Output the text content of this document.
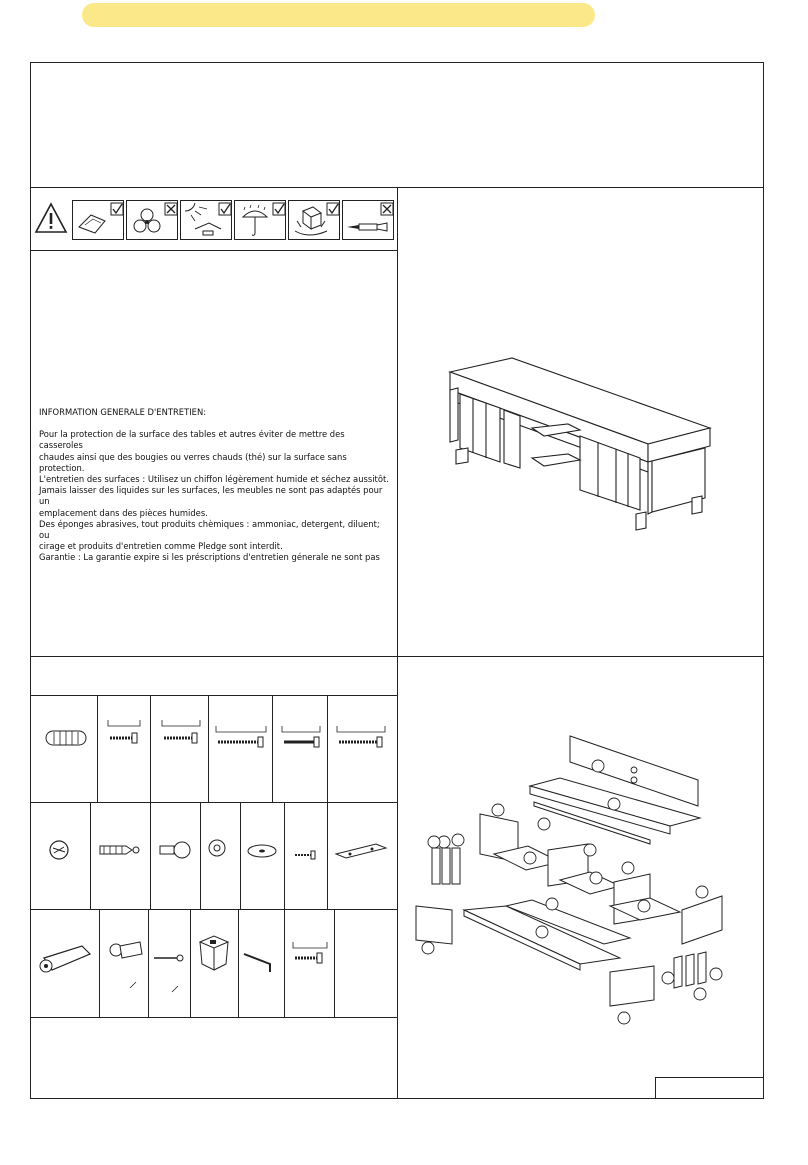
INFORMATION GENERALE D'ENTRETIEN:

Pour la protection de la surface des tables et autres éviter de mettre des casseroles

chaudes ainsi que des bougies ou verres chauds (thé) sur la surface sans protection.

L'entretien des surfaces : Utilisez un chiffon légèrement humide et séchez aussitôt.

Jamais laisser des liquides sur les surfaces, les meubles ne sont pas adaptés pour un

emplacement dans des pièces humides.

Des éponges abrasives, tout produits chèmiques : ammoniac, detergent, diluent; ou

cirage et produits d'entretien comme Pledge sont interdit.

Garantie : La garantie expire si les préscriptions d'entretien génerale ne sont pas
